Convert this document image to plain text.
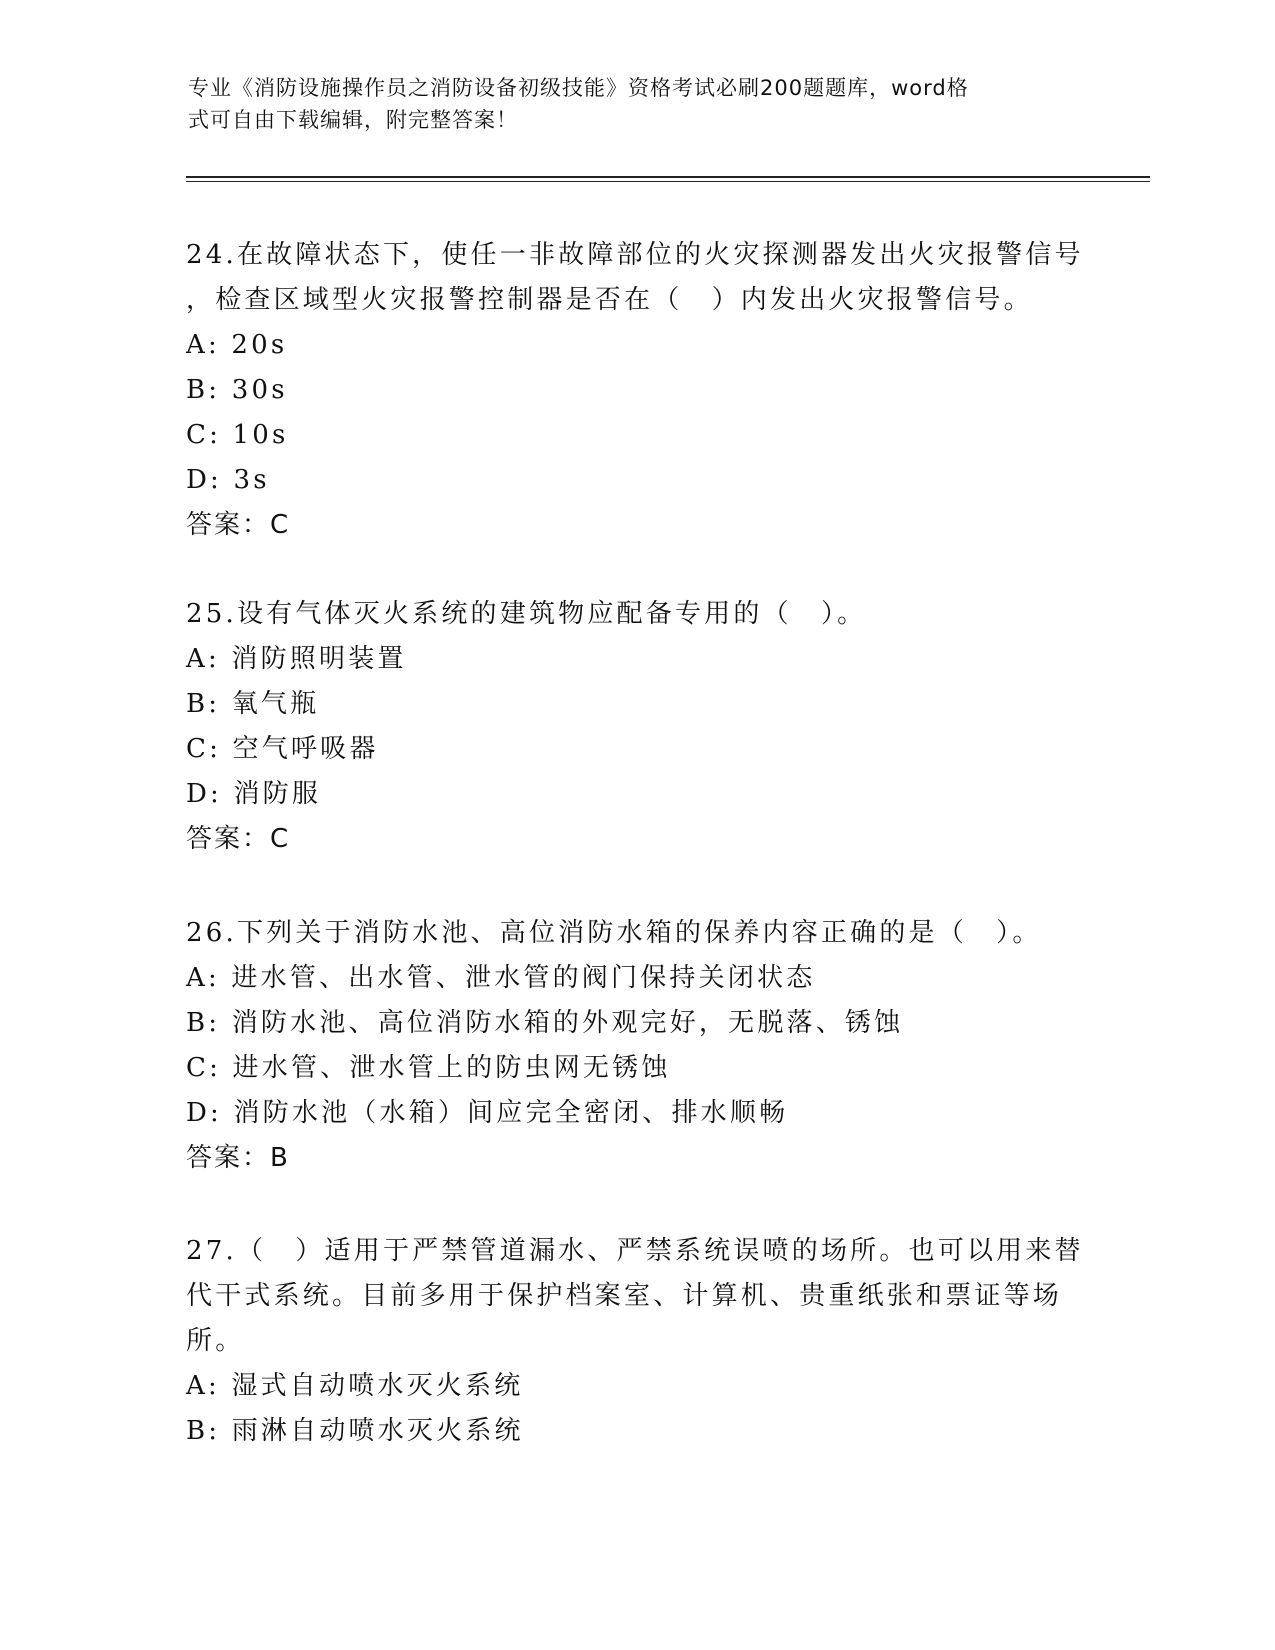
专业《消防设施操作员之消防设备初级技能》资格考试必刷200题题库，word格
式可自由下载编辑，附完整答案！
24.在故障状态下，使任一非故障部位的火灾探测器发出火灾报警信号
，检查区域型火灾报警控制器是否在（　）内发出火灾报警信号。
A: 20s
B: 30s
C: 10s
D: 3s
答案：C
25.设有气体灭火系统的建筑物应配备专用的（　）。
A: 消防照明装置
B: 氧气瓶
C: 空气呼吸器
D: 消防服
答案：C
26.下列关于消防水池、高位消防水箱的保养内容正确的是（　）。
A: 进水管、出水管、泄水管的阀门保持关闭状态
B: 消防水池、高位消防水箱的外观完好，无脱落、锈蚀
C: 进水管、泄水管上的防虫网无锈蚀
D: 消防水池（水箱）间应完全密闭、排水顺畅
答案：B
27.（　）适用于严禁管道漏水、严禁系统误喷的场所。也可以用来替
代干式系统。目前多用于保护档案室、计算机、贵重纸张和票证等场
所。
A: 湿式自动喷水灭火系统
B: 雨淋自动喷水灭火系统
